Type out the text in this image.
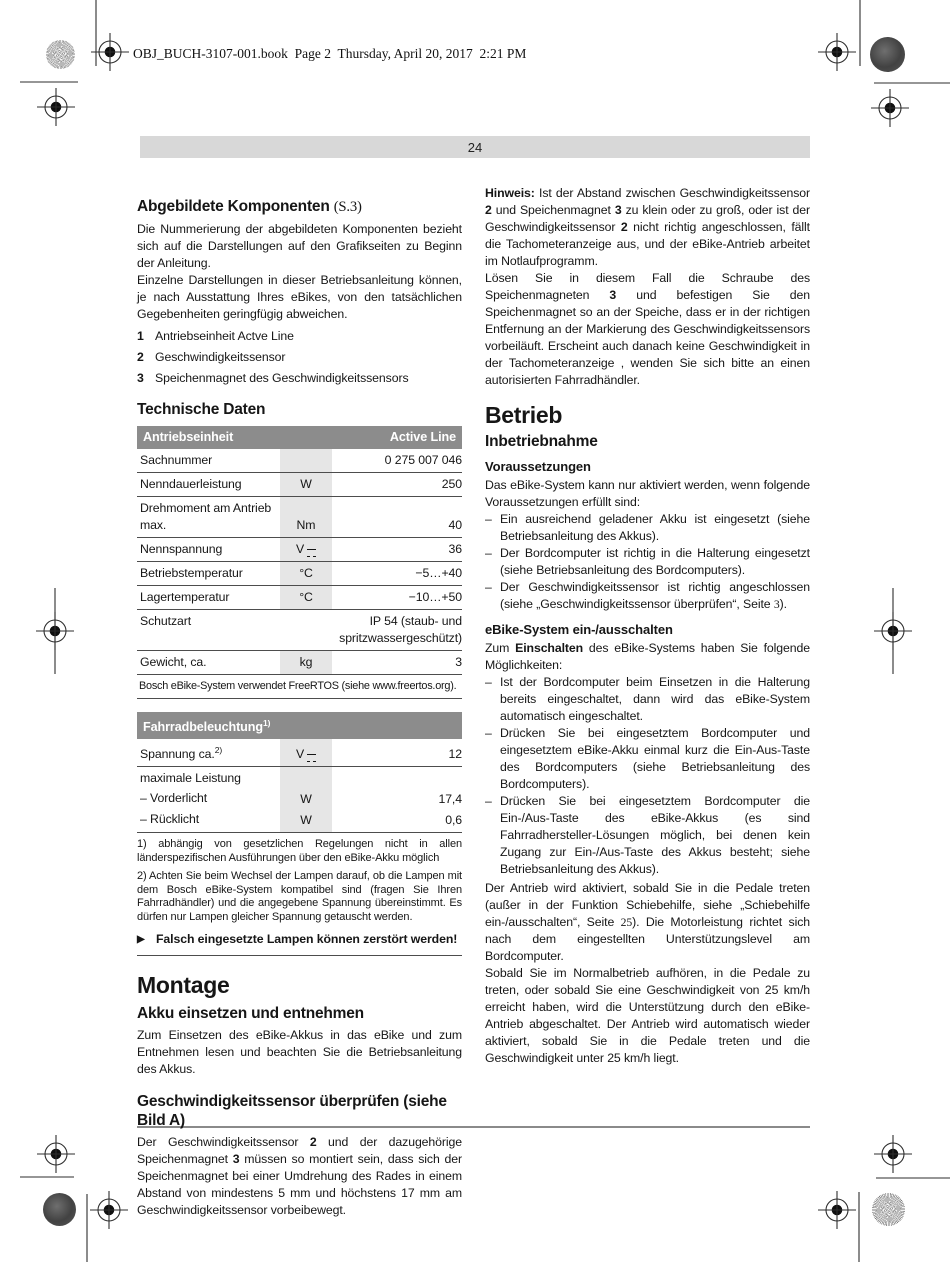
OBJ_BUCH-3107-001.book  Page 2  Thursday, April 20, 2017  2:21 PM
24
Abgebildete Komponenten (S.3)

Die Nummerierung der abgebildeten Komponenten bezieht sich auf die Darstellungen auf den Grafikseiten zu Beginn der Anleitung.

Einzelne Darstellungen in dieser Betriebsanleitung können, je nach Ausstattung Ihres eBikes, von den tatsächlichen Gegebenheiten geringfügig abweichen.

1 Antriebseinheit Actve Line
2 Geschwindigkeitssensor
3 Speichenmagnet des Geschwindigkeitssensors
Technische Daten
Antriebseinheit	Active Line
Sachnummer	0 275 007 046
Nenndauerleistung	W	250
Drehmoment am Antrieb max.	Nm	40
Nennspannung	V	36
Betriebstemperatur	°C	−5…+40
Lagertemperatur	°C	−10…+50
Schutzart	IP 54 (staub- und spritzwassergeschützt)
Gewicht, ca.	kg	3
Bosch eBike-System verwendet FreeRTOS (siehe www.freertos.org).
Fahrradbeleuchtung$^{1)}$
Spannung ca.$^{2)}$	V	12
maximale Leistung
– Vorderlicht	W	17,4
– Rücklicht	W	0,6

1) abhängig von gesetzlichen Regelungen nicht in allen länderspezifischen Ausführungen über den eBike-Akku möglich

2) Achten Sie beim Wechsel der Lampen darauf, ob die Lampen mit dem Bosch eBike-System kompatibel sind (fragen Sie Ihren Fahrradhändler) und die angegebene Spannung übereinstimmt. Es dürfen nur Lampen gleicher Spannung getauscht werden.

▶ Falsch eingesetzte Lampen können zerstört werden!
Montage
Akku einsetzen und entnehmen

Zum Einsetzen des eBike-Akkus in das eBike und zum Entnehmen lesen und beachten Sie die Betriebsanleitung des Akkus.

Geschwindigkeitssensor überprüfen (siehe Bild A)

Der Geschwindigkeitssensor 2 und der dazugehörige Speichenmagnet 3 müssen so montiert sein, dass sich der Speichenmagnet bei einer Umdrehung des Rades in einem Abstand von mindestens 5 mm und höchstens 17 mm am Geschwindigkeitssensor vorbeibewegt.

Hinweis: Ist der Abstand zwischen Geschwindigkeitssensor 2 und Speichenmagnet 3 zu klein oder zu groß, oder ist der Geschwindigkeitssensor 2 nicht richtig angeschlossen, fällt die Tachometeranzeige aus, und der eBike-Antrieb arbeitet im Notlaufprogramm.

Lösen Sie in diesem Fall die Schraube des Speichenmagneten 3 und befestigen Sie den Speichenmagnet so an der Speiche, dass er in der richtigen Entfernung an der Markierung des Geschwindigkeitssensors vorbeiläuft. Erscheint auch danach keine Geschwindigkeit in der Tachometeranzeige , wenden Sie sich bitte an einen autorisierten Fahrradhändler.

Betrieb
Inbetriebnahme
Voraussetzungen

Das eBike-System kann nur aktiviert werden, wenn folgende Voraussetzungen erfüllt sind:

– Ein ausreichend geladener Akku ist eingesetzt (siehe Betriebsanleitung des Akkus).
– Der Bordcomputer ist richtig in die Halterung eingesetzt (siehe Betriebsanleitung des Bordcomputers).
– Der Geschwindigkeitssensor ist richtig angeschlossen (siehe „Geschwindigkeitssensor überprüfen“, Seite 3).
eBike-System ein-/ausschalten

Zum Einschalten des eBike-Systems haben Sie folgende Möglichkeiten:

– Ist der Bordcomputer beim Einsetzen in die Halterung bereits eingeschaltet, dann wird das eBike-System automatisch eingeschaltet.
– Drücken Sie bei eingesetztem Bordcomputer und eingesetztem eBike-Akku einmal kurz die Ein-Aus-Taste des Bordcomputers (siehe Betriebsanleitung des Bordcomputers).
– Drücken Sie bei eingesetztem Bordcomputer die Ein-/Aus-Taste des eBike-Akkus (es sind Fahrradhersteller-Lösungen möglich, bei denen kein Zugang zur Ein-/Aus-Taste des Akkus besteht; siehe Betriebsanleitung des Akkus).

Der Antrieb wird aktiviert, sobald Sie in die Pedale treten (außer in der Funktion Schiebehilfe, siehe „Schiebehilfe ein-/ausschalten“, Seite 25). Die Motorleistung richtet sich nach dem eingestellten Unterstützungslevel am Bordcomputer.

Sobald Sie im Normalbetrieb aufhören, in die Pedale zu treten, oder sobald Sie eine Geschwindigkeit von 25 km/h erreicht haben, wird die Unterstützung durch den eBike-Antrieb abgeschaltet. Der Antrieb wird automatisch wieder aktiviert, sobald Sie in die Pedale treten und die Geschwindigkeit unter 25 km/h liegt.
